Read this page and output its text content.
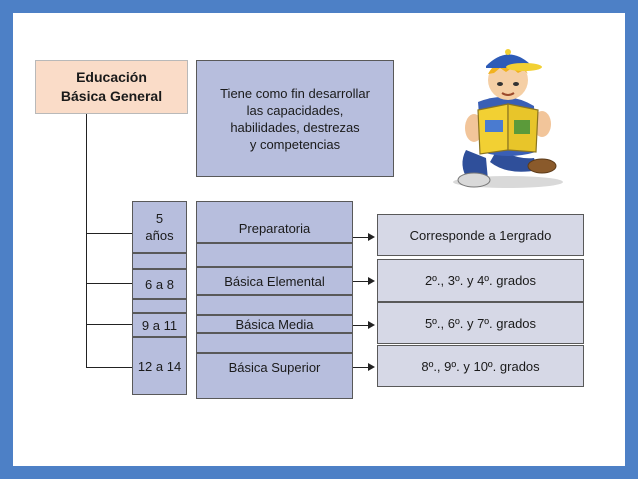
Educación
Básica General	Tiene como fin desarrollar
las capacidades,
habilidades, destrezas
y competencias
5
años	Preparatoria	Corresponde a 1ergrado
6 a 8	Básica Elemental	2º., 3º. y 4º. grados
9 a 11	Básica Media	5º., 6º. y 7º. grados
12 a 14	Básica Superior	8º., 9º. y 10º. grados
